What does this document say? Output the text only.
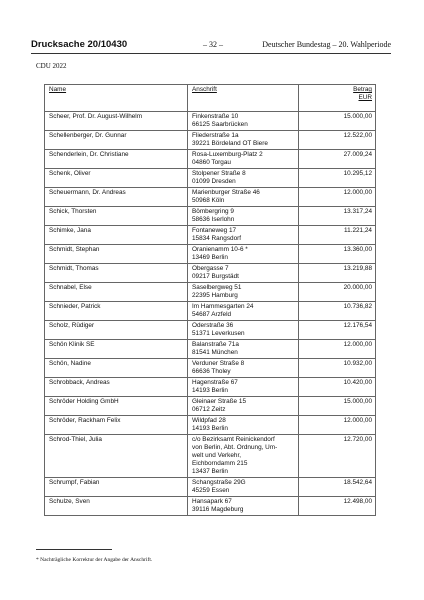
Drucksache 20/10430	– 32 –	Deutscher Bundestag – 20. Wahlperiode
CDU 2022
Name	Anschrift	Betrag
EUR
Scheer, Prof. Dr. August-Wilhelm	Finkenstraße 10
66125 Saarbrücken	15.000,00
Schellenberger, Dr. Gunnar	Fliederstraße 1a
39221 Bördeland OT Biere	12.522,00
Schenderlein, Dr. Christiane	Rosa-Luxemburg-Platz 2
04860 Torgau	27.009,24
Schenk, Oliver	Stolpener Straße 8
01099 Dresden	10.295,12
Scheuermann, Dr. Andreas	Marienburger Straße 46
50968 Köln	12.000,00
Schick, Thorsten	Bömbergring 9
58636 Iserlohn	13.317,24
Schimke, Jana	Fontaneweg 17
15834 Rangsdorf	11.221,24
Schmidt, Stephan	Oranienamm 10-6 *
13469 Berlin	13.360,00
Schmidt, Thomas	Obergasse 7
09217 Burgstädt	13.219,88
Schnabel, Else	Saselbergweg 51
22395 Hamburg	20.000,00
Schnieder, Patrick	Im Hammesgarten 24
54687 Arzfeld	10.736,82
Scholz, Rüdiger	Oderstraße 36
51371 Leverkusen	12.176,54
Schön Klinik SE	Balanstraße 71a
81541 München	12.000,00
Schön, Nadine	Verduner Straße 8
66636 Tholey	10.932,00
Schrobback, Andreas	Hagenstraße 67
14193 Berlin	10.420,00
Schröder Holding GmbH	Gleinaer Straße 15
06712 Zeitz	15.000,00
Schröder, Rackham Felix	Wildpfad 28
14193 Berlin	12.000,00
Schrod-Thiel, Julia	c/o Bezirksamt Reinickendorf
von Berlin, Abt. Ordnung, Um-
welt und Verkehr,
Eichborndamm 215
13437 Berlin	12.720,00
Schrumpf, Fabian	Schangstraße 29G
45259 Essen	18.542,64
Schulze, Sven	Hansapark 67
39116 Magdeburg	12.498,00
* Nachträgliche Korrektur der Angabe der Anschrift.
